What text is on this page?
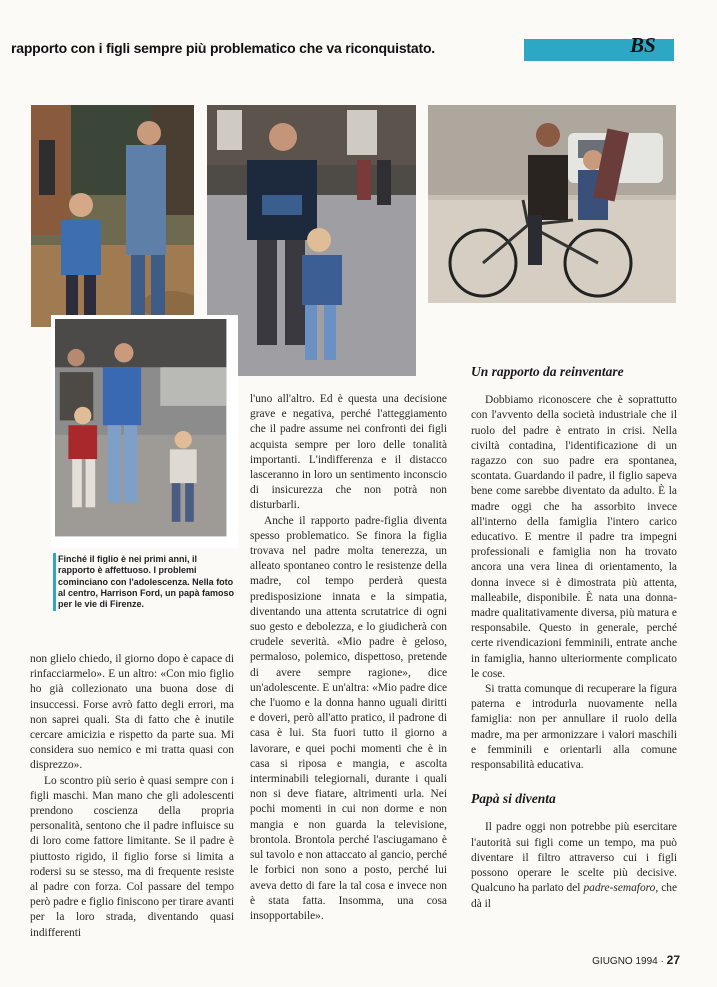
rapporto con i figli sempre più problematico che va riconquistato.	BS
Finché il figlio è nei primi anni, il rapporto è affettuoso. I problemi cominciano con l'adolescenza. Nella foto al centro, Harrison Ford, un papà famoso per le vie di Firenze.

non glielo chiedo, il giorno dopo è capace di rinfacciarmelo». E un altro: «Con mio figlio ho già collezionato una buona dose di insuccessi. Forse avrò fatto degli errori, ma non saprei quali. Sta di fatto che è inutile cercare amicizia e rispetto da parte sua. Mi considera suo nemico e mi tratta quasi con disprezzo».

Lo scontro più serio è quasi sempre con i figli maschi. Man mano che gli adolescenti prendono coscienza della propria personalità, sentono che il padre influisce su di loro come fattore limitante. Se il padre è piuttosto rigido, il figlio forse si limita a rodersi su se stesso, ma di frequente resiste al padre con forza. Col passare del tempo però padre e figlio finiscono per tirare avanti per la loro strada, diventando quasi indifferenti

l'uno all'altro. Ed è questa una decisione grave e negativa, perché l'atteggiamento che il padre assume nei confronti dei figli acquista sempre per loro delle tonalità importanti. L'indifferenza e il distacco lasceranno in loro un sentimento inconscio di insicurezza che non potrà non disturbarli.

Anche il rapporto padre-figlia diventa spesso problematico. Se finora la figlia trovava nel padre molta tenerezza, un alleato spontaneo contro le resistenze della madre, col tempo perderà questa predisposizione innata e la simpatia, diventando una attenta scrutatrice di ogni suo gesto e debolezza, e lo giudicherà con crudele severità. «Mio padre è geloso, permaloso, polemico, dispettoso, pretende di avere sempre ragione», dice un'adolescente. E un'altra: «Mio padre dice che l'uomo e la donna hanno uguali diritti e doveri, però all'atto pratico, il padrone di casa è lui. Sta fuori tutto il giorno a lavorare, e quei pochi momenti che è in casa si riposa e mangia, e ascolta interminabili telegiornali, durante i quali non si deve fiatare, altrimenti urla. Nei pochi momenti in cui non dorme e non mangia e non guarda la televisione, brontola. Brontola perché l'asciugamano è sul tavolo e non attaccato al gancio, perché le forbici non sono a posto, perché lui aveva detto di fare la tal cosa e invece non è stata fatta. Insomma, una cosa insopportabile».

Un rapporto da reinventare

Dobbiamo riconoscere che è soprattutto con l'avvento della società industriale che il ruolo del padre è entrato in crisi. Nella civiltà contadina, l'identificazione di un ragazzo con suo padre era spontanea, scontata. Guardando il padre, il figlio sapeva bene come sarebbe diventato da adulto. È la madre oggi che ha assorbito invece all'interno della famiglia l'intero carico educativo. E mentre il padre tra impegni professionali e famiglia non ha trovato ancora una vera linea di orientamento, la donna invece si è dimostrata più attenta, malleabile, disponibile. È nata una donna-madre qualitativamente diversa, più matura e responsabile. Questo in generale, perché certe rivendicazioni femminili, entrate anche in famiglia, hanno ulteriormente complicato le cose.

Si tratta comunque di recuperare la figura paterna e introdurla nuovamente nella famiglia: non per annullare il ruolo della madre, ma per armonizzare i valori maschili e femminili e orientarli alla comune responsabilità educativa.

Papà si diventa

Il padre oggi non potrebbe più esercitare l'autorità sui figli come un tempo, ma può diventare il filtro attraverso cui i figli possono operare le scelte più decisive. Qualcuno ha parlato del padre-semaforo, che dà il

GIUGNO 1994 · 27
